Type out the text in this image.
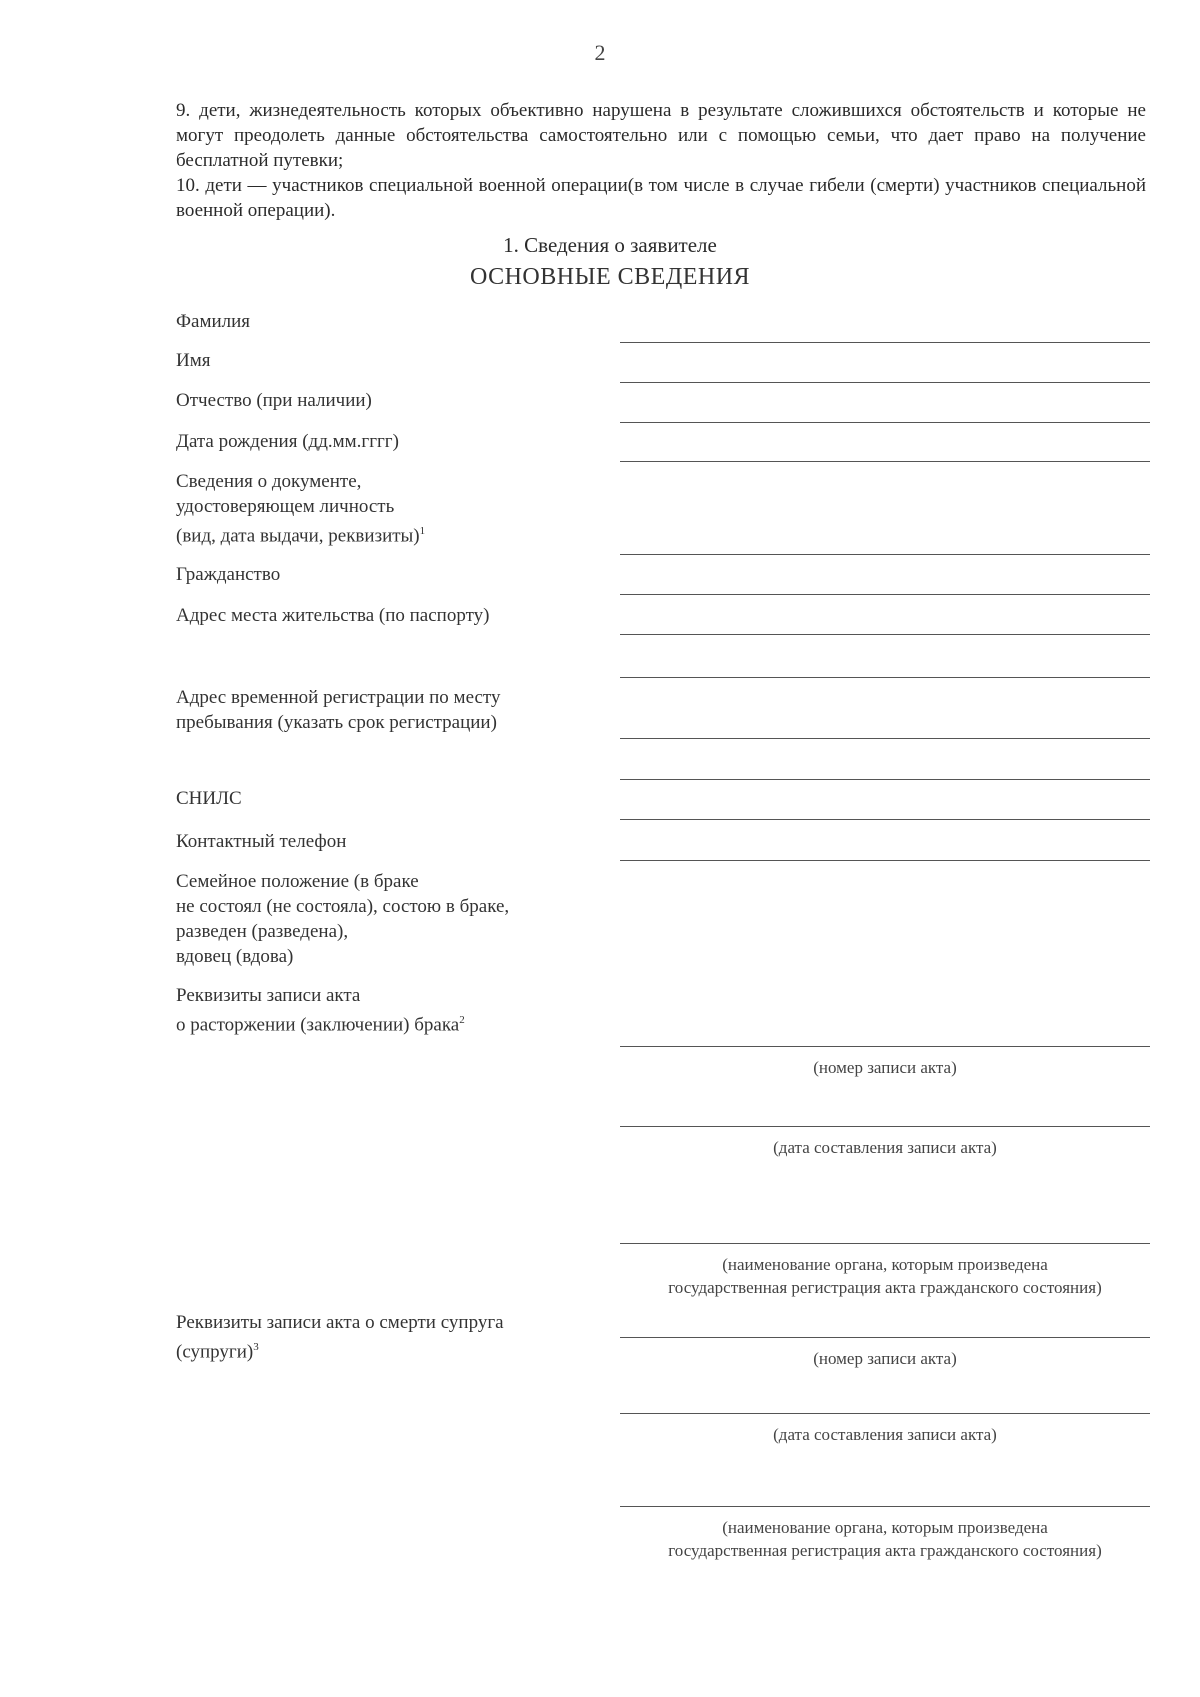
2

9. дети, жизнедеятельность которых объективно нарушена в результате сложившихся обстоятельств и которые не могут преодолеть данные обстоятельства самостоятельно или с помощью семьи, что дает право на получение бесплатной путевки;

10. дети — участников специальной военной операции(в том числе в случае гибели (смерти) участников специальной военной операции).

1. Сведения о заявителе
ОСНОВНЫЕ СВЕДЕНИЯ
Фамилия
Имя
Отчество (при наличии)
Дата рождения (дд.мм.гггг)
Сведения о документе,
удостоверяющем личность
(вид, дата выдачи, реквизиты)$^1$
Гражданство
Адрес места жительства (по паспорту)
Адрес временной регистрации по месту
пребывания (указать срок регистрации)
СНИЛС
Контактный телефон
Семейное положение (в браке
не состоял (не состояла), состою в браке,
разведен (разведена),
вдовец (вдова)
Реквизиты записи акта
о расторжении (заключении) брака$^2$
(номер записи акта)
(дата составления записи акта)
(наименование органа, которым произведена
государственная регистрация акта гражданского состояния)
Реквизиты записи акта о смерти супруга
(супруги)$^3$
(номер записи акта)
(дата составления записи акта)
(наименование органа, которым произведена
государственная регистрация акта гражданского состояния)
